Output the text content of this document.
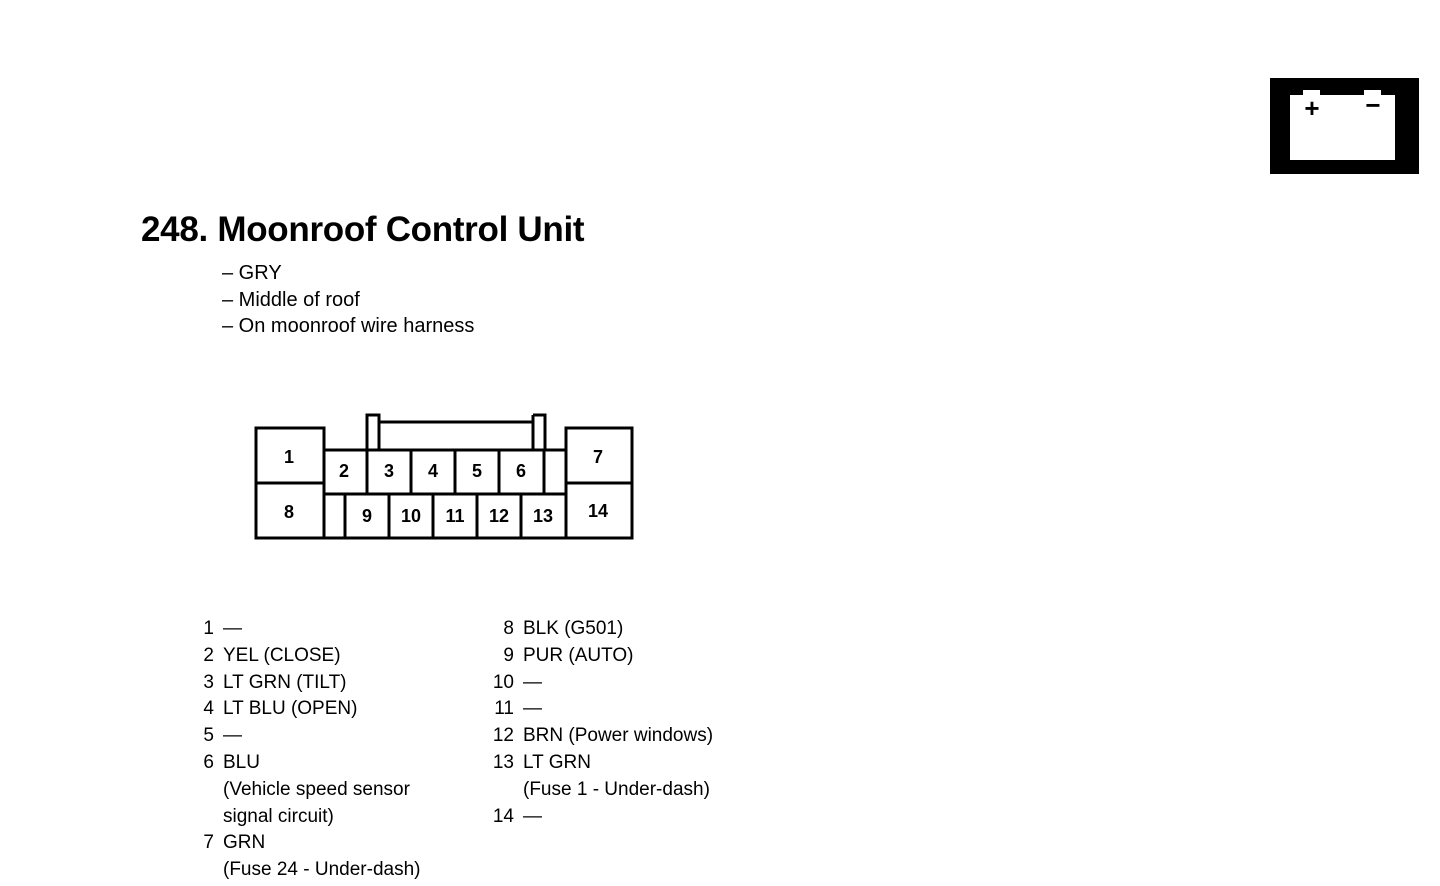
+ −
248. Moonroof Control Unit
– GRY
– Middle of roof
– On moonroof wire harness
1
2 3 4 5 6
7
8	9 10 11 12 13 14
1 —
2 YEL (CLOSE)
3 LT GRN (TILT)
4 LT BLU (OPEN)
5 —
6 BLU
(Vehicle speed sensor
signal circuit)
7 GRN
(Fuse 24 - Under-dash)
8 BLK (G501)
9 PUR (AUTO)
10 —
11 —
12 BRN (Power windows)
13 LT GRN
(Fuse 1 - Under-dash)
14 —
